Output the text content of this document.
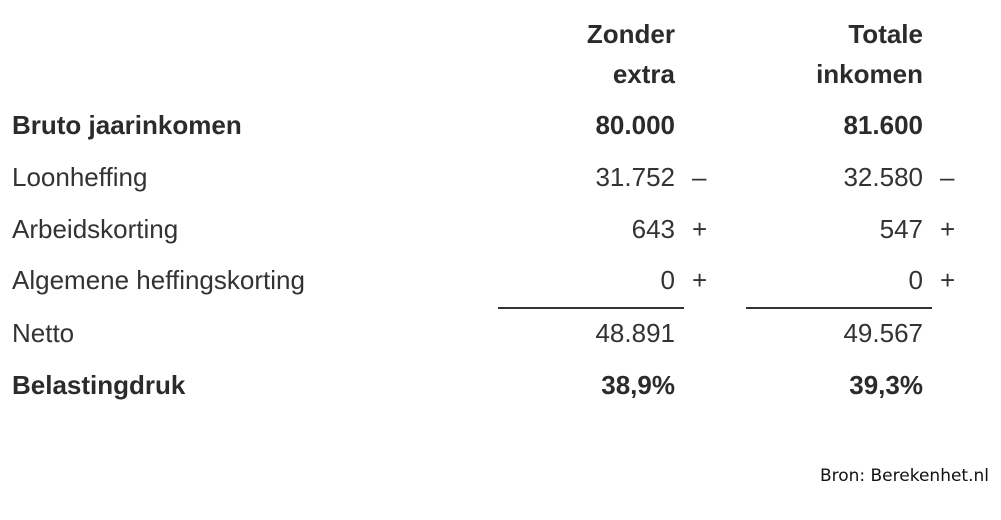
Zonder
extra
Totale
inkomen
Bruto jaarinkomen	80.000	81.600
Loonheffing	31.752 –	32.580 –
Arbeidskorting	643 +	547 +
Algemene heffingskorting	0 +	0 +
Netto	48.891	49.567
Belastingdruk	38,9%	39,3%
Bron: Berekenhet.nl
